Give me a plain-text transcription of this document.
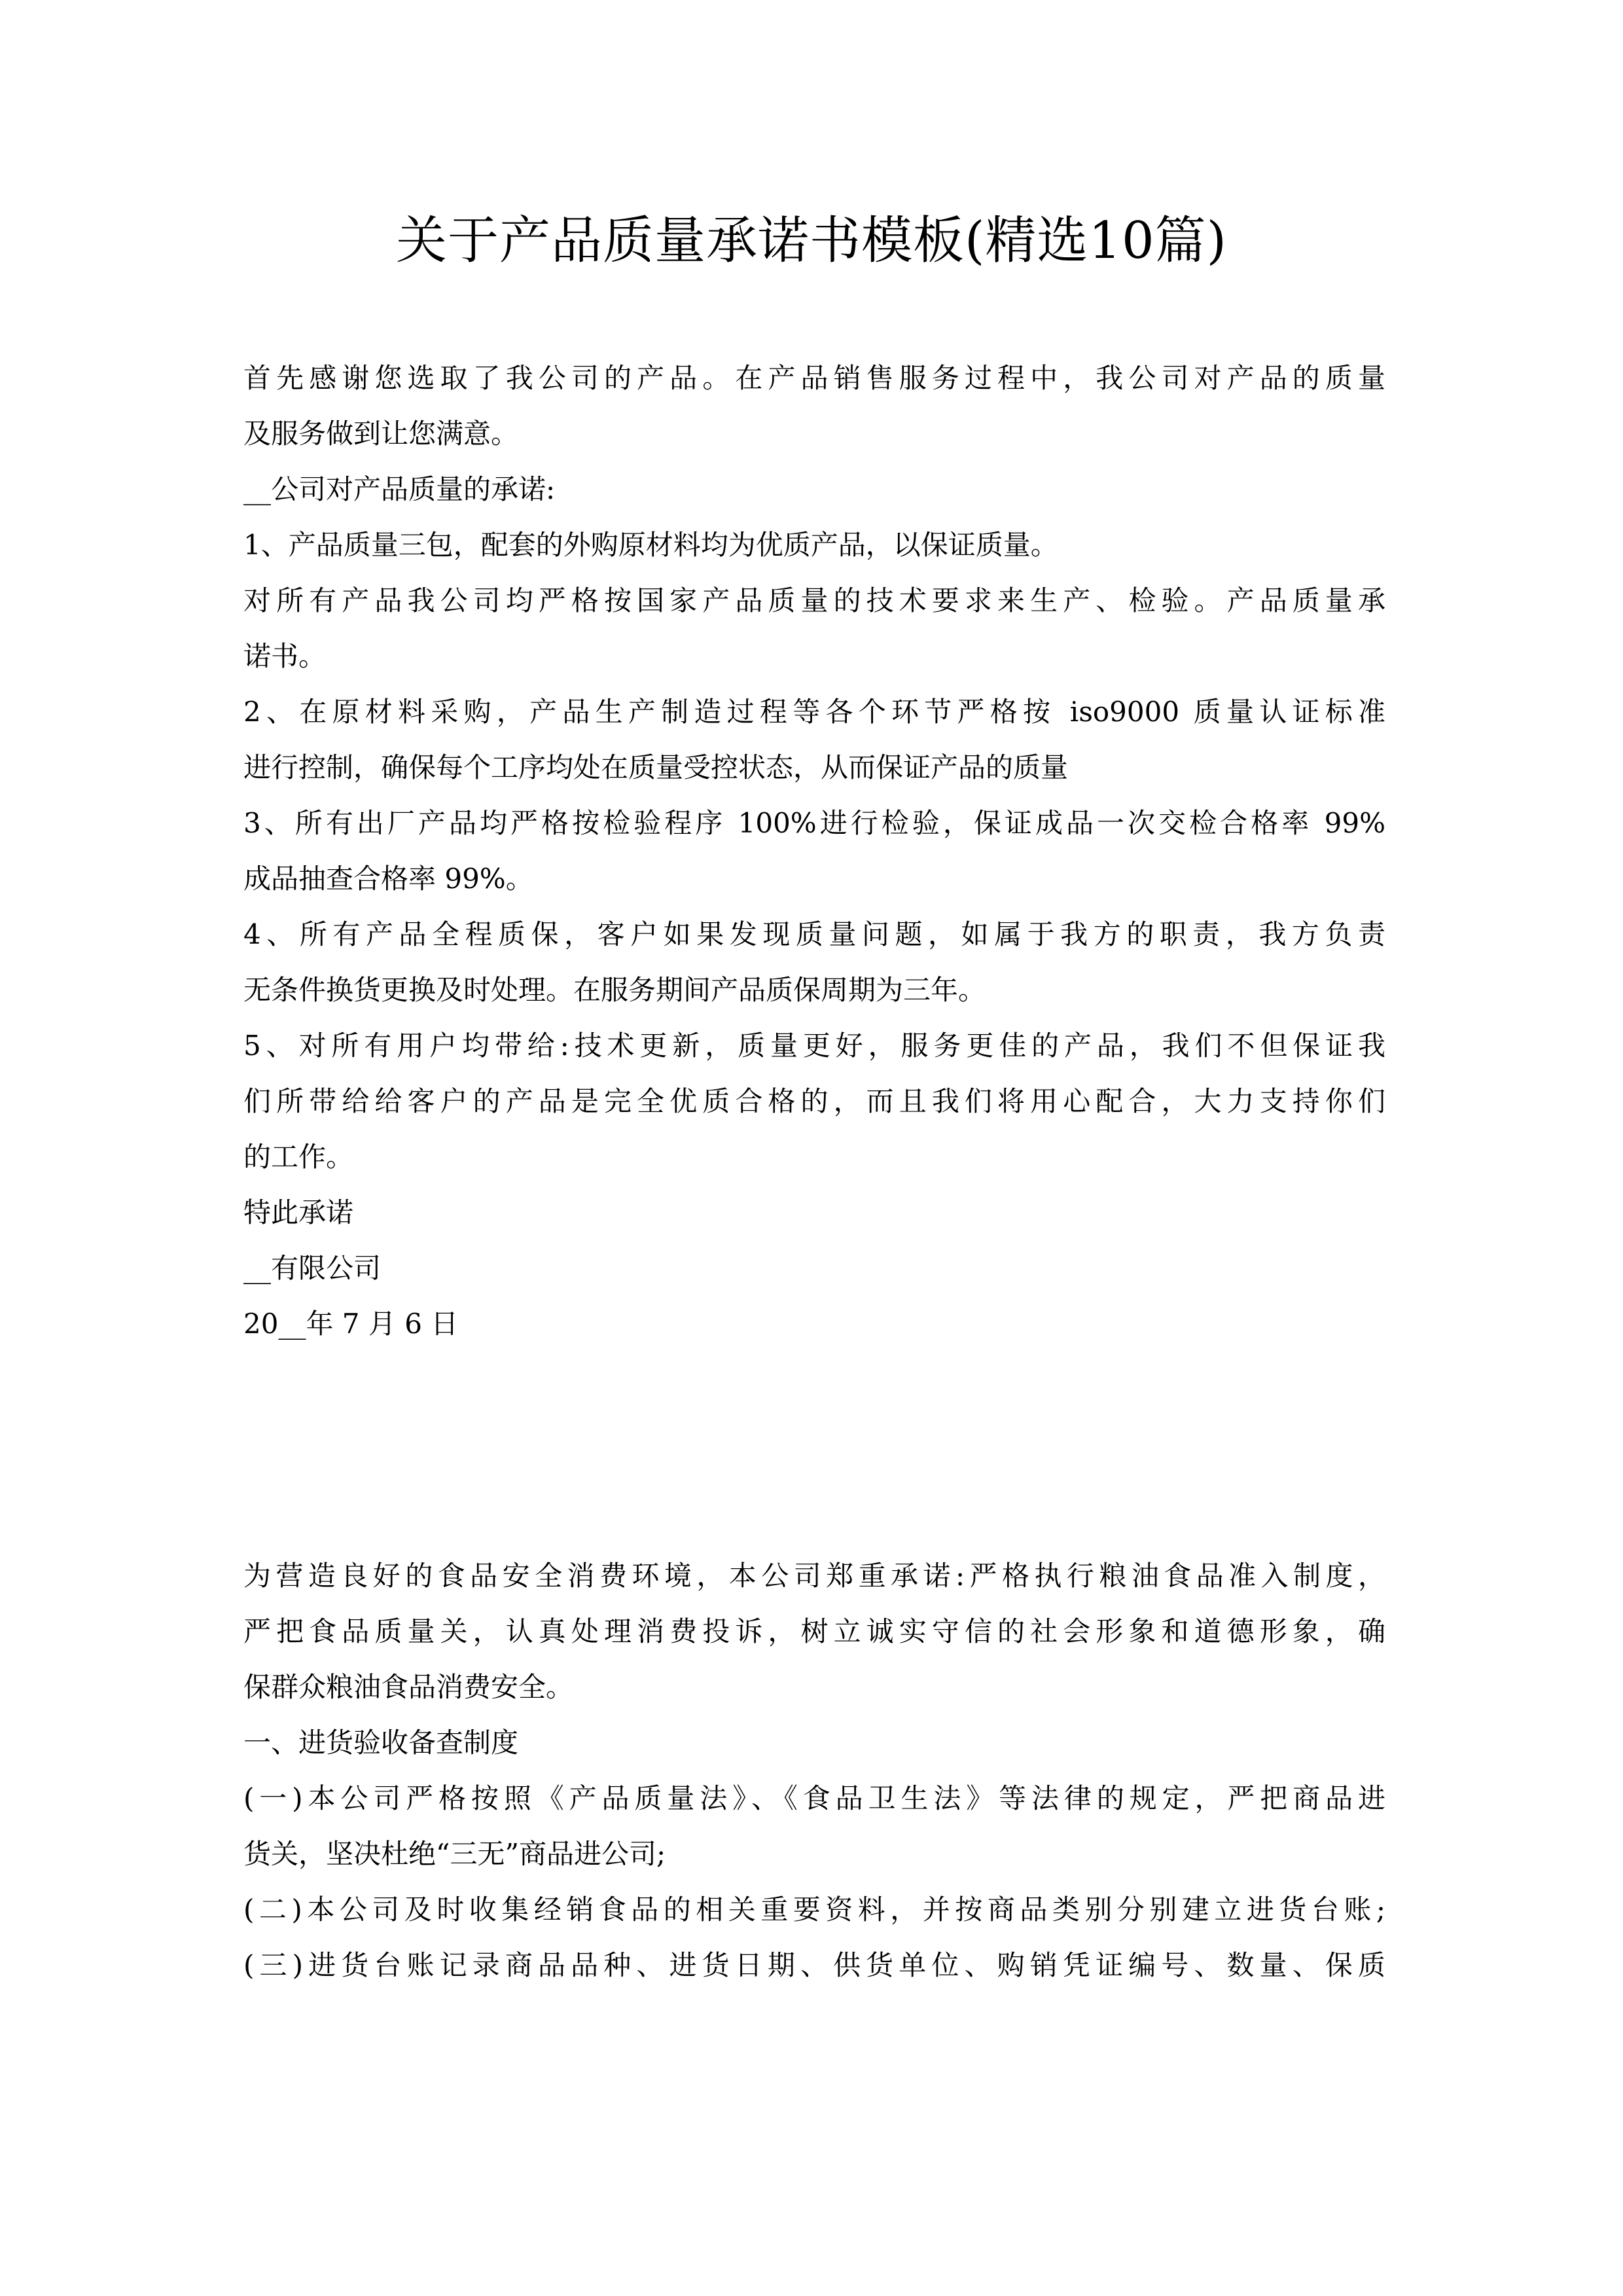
关于产品质量承诺书模板(精选10篇)
首先感谢您选取了我公司的产品。在产品销售服务过程中，我公司对产品的质量
及服务做到让您满意。
__公司对产品质量的承诺:
1、产品质量三包，配套的外购原材料均为优质产品，以保证质量。
对所有产品我公司均严格按国家产品质量的技术要求来生产、检验。产品质量承
诺书。
2、在原材料采购，产品生产制造过程等各个环节严格按 iso9000 质量认证标准
进行控制，确保每个工序均处在质量受控状态，从而保证产品的质量
3、所有出厂产品均严格按检验程序 100%进行检验，保证成品一次交检合格率 99%
成品抽查合格率 99%。
4、所有产品全程质保，客户如果发现质量问题，如属于我方的职责，我方负责
无条件换货更换及时处理。在服务期间产品质保周期为三年。
5、对所有用户均带给:技术更新，质量更好，服务更佳的产品，我们不但保证我
们所带给给客户的产品是完全优质合格的，而且我们将用心配合，大力支持你们
的工作。
特此承诺
__有限公司
20__年 7 月 6 日
为营造良好的食品安全消费环境，本公司郑重承诺:严格执行粮油食品准入制度，
严把食品质量关，认真处理消费投诉，树立诚实守信的社会形象和道德形象，确
保群众粮油食品消费安全。
一、进货验收备查制度
(一)本公司严格按照《产品质量法》、《食品卫生法》等法律的规定，严把商品进
货关，坚决杜绝“三无”商品进公司;
(二)本公司及时收集经销食品的相关重要资料，并按商品类别分别建立进货台账;
(三)进货台账记录商品品种、进货日期、供货单位、购销凭证编号、数量、保质
